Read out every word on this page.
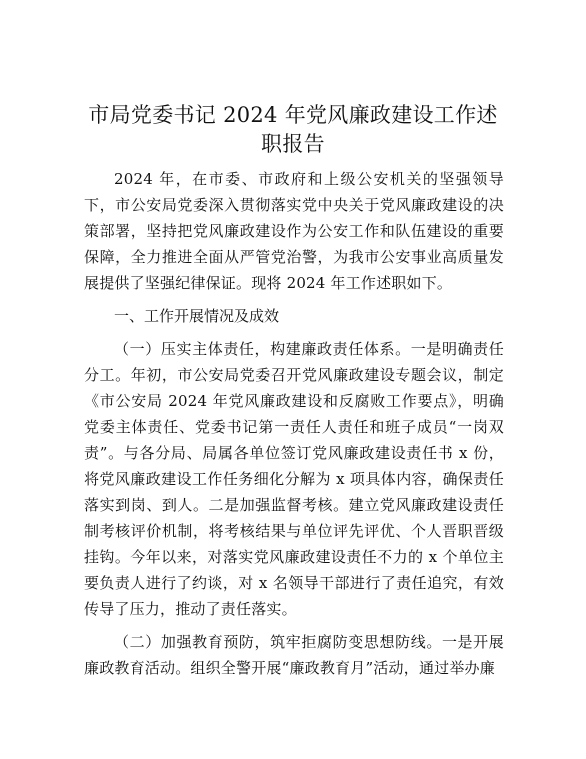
市局党委书记 2024 年党风廉政建设工作述职报告

2024 年，在市委、市政府和上级公安机关的坚强领导下，市公安局党委深入贯彻落实党中央关于党风廉政建设的决策部署，坚持把党风廉政建设作为公安工作和队伍建设的重要保障，全力推进全面从严管党治警，为我市公安事业高质量发展提供了坚强纪律保证。现将 2024 年工作述职如下。

一、工作开展情况及成效

（一）压实主体责任，构建廉政责任体系。一是明确责任分工。年初，市公安局党委召开党风廉政建设专题会议，制定《市公安局 2024 年党风廉政建设和反腐败工作要点》，明确党委主体责任、党委书记第一责任人责任和班子成员“一岗双责”。与各分局、局属各单位签订党风廉政建设责任书 x 份，将党风廉政建设工作任务细化分解为 x 项具体内容，确保责任落实到岗、到人。二是加强监督考核。建立党风廉政建设责任制考核评价机制，将考核结果与单位评先评优、个人晋职晋级挂钩。今年以来，对落实党风廉政建设责任不力的 x 个单位主要负责人进行了约谈，对 x 名领导干部进行了责任追究，有效传导了压力，推动了责任落实。

（二）加强教育预防，筑牢拒腐防变思想防线。一是开展廉政教育活动。组织全警开展“廉政教育月”活动，通过举办廉
